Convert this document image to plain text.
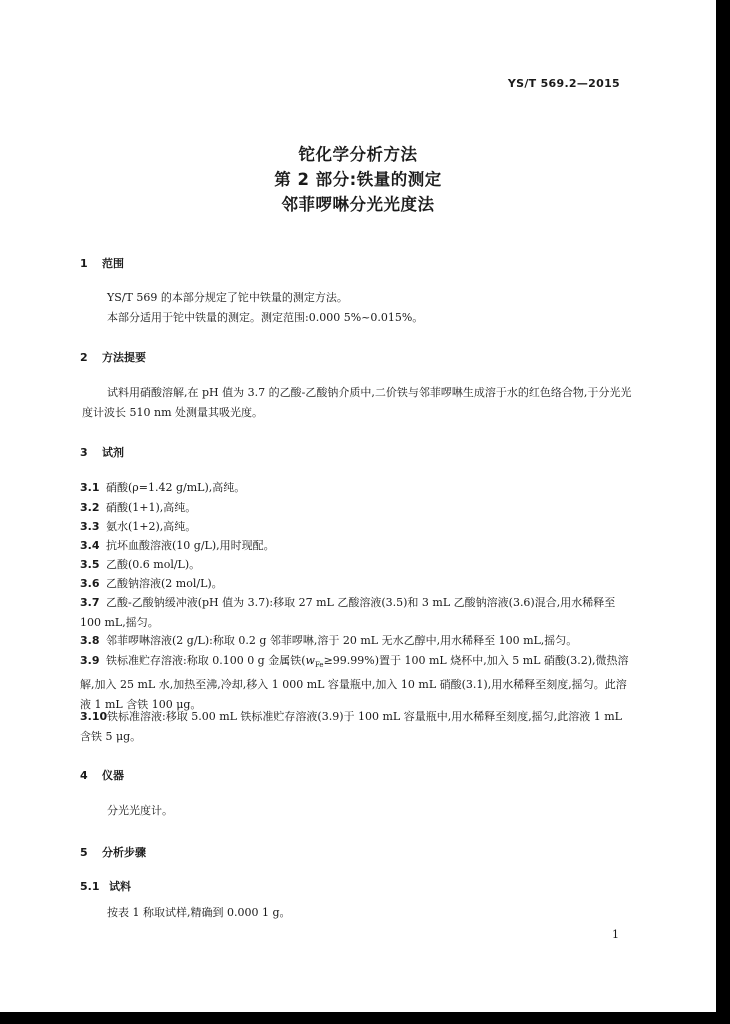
YS/T 569.2—2015
铊化学分析方法
第 2 部分:铁量的测定
邻菲啰啉分光光度法
1 范围
YS/T 569 的本部分规定了铊中铁量的测定方法。
本部分适用于铊中铁量的测定。测定范围:0.000 5%~0.015%。
2 方法提要
试料用硝酸溶解,在 pH 值为 3.7 的乙酸-乙酸钠介质中,二价铁与邻菲啰啉生成溶于水的红色络合物,于分光光度计波长 510 nm 处测量其吸光度。
3 试剂
3.1 硝酸(ρ=1.42 g/mL),高纯。
3.2 硝酸(1+1),高纯。
3.3 氨水(1+2),高纯。
3.4 抗坏血酸溶液(10 g/L),用时现配。
3.5 乙酸(0.6 mol/L)。
3.6 乙酸钠溶液(2 mol/L)。
3.7 乙酸-乙酸钠缓冲液(pH 值为 3.7):移取 27 mL 乙酸溶液(3.5)和 3 mL 乙酸钠溶液(3.6)混合,用水稀释至 100 mL,摇匀。
3.8 邻菲啰啉溶液(2 g/L):称取 0.2 g 邻菲啰啉,溶于 20 mL 无水乙醇中,用水稀释至 100 mL,摇匀。
3.9 铁标准贮存溶液:称取 0.100 0 g 金属铁$(w_{Fe}\ge 99.99\%)$置于 100 mL 烧杯中,加入 5 mL 硝酸(3.2),微热溶解,加入 25 mL 水,加热至沸,冷却,移入 1 000 mL 容量瓶中,加入 10 mL 硝酸(3.1),用水稀释至刻度,摇匀。此溶液 1 mL 含铁 100 μg。
3.10铁标准溶液:移取 5.00 mL 铁标准贮存溶液(3.9)于 100 mL 容量瓶中,用水稀释至刻度,摇匀,此溶液 1 mL 含铁 5 μg。
4 仪器
分光光度计。
5 分析步骤
5.1 试料
按表 1 称取试样,精确到 0.000 1 g。
1
